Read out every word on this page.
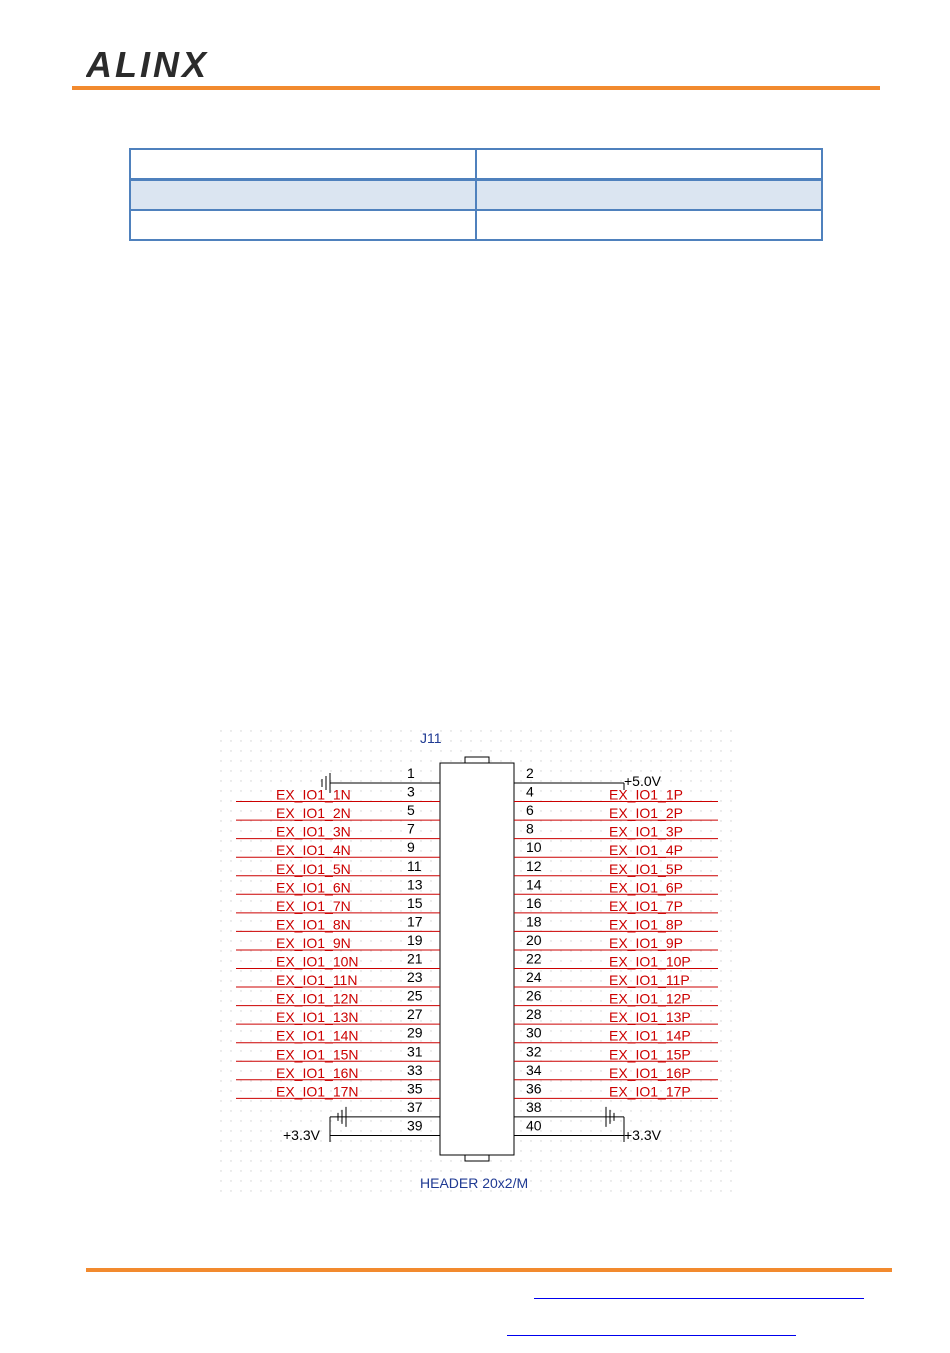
ALINX

J11
HEADER 20x2/M
+5.0V
+3.3V	+3.3V
1
3
EX_IO1_1N
5
EX_IO1_2N
7
EX_IO1_3N
9
EX_IO1_4N
11
EX_IO1_5N
13
EX_IO1_6N
15
EX_IO1_7N
17
EX_IO1_8N
19
EX_IO1_9N
21
EX_IO1_10N
23
EX_IO1_11N
25
EX_IO1_12N
27
EX_IO1_13N
29
EX_IO1_14N
31
EX_IO1_15N
33
EX_IO1_16N
35
EX_IO1_17N
37
39
2
4	EX_IO1_1P
6	EX_IO1_2P
8	EX_IO1_3P
10	EX_IO1_4P
12	EX_IO1_5P
14	EX_IO1_6P
16	EX_IO1_7P
18	EX_IO1_8P
20	EX_IO1_9P
22	EX_IO1_10P
24	EX_IO1_11P
26	EX_IO1_12P
28	EX_IO1_13P
30	EX_IO1_14P
32	EX_IO1_15P
34	EX_IO1_16P
36	EX_IO1_17P
38
40
